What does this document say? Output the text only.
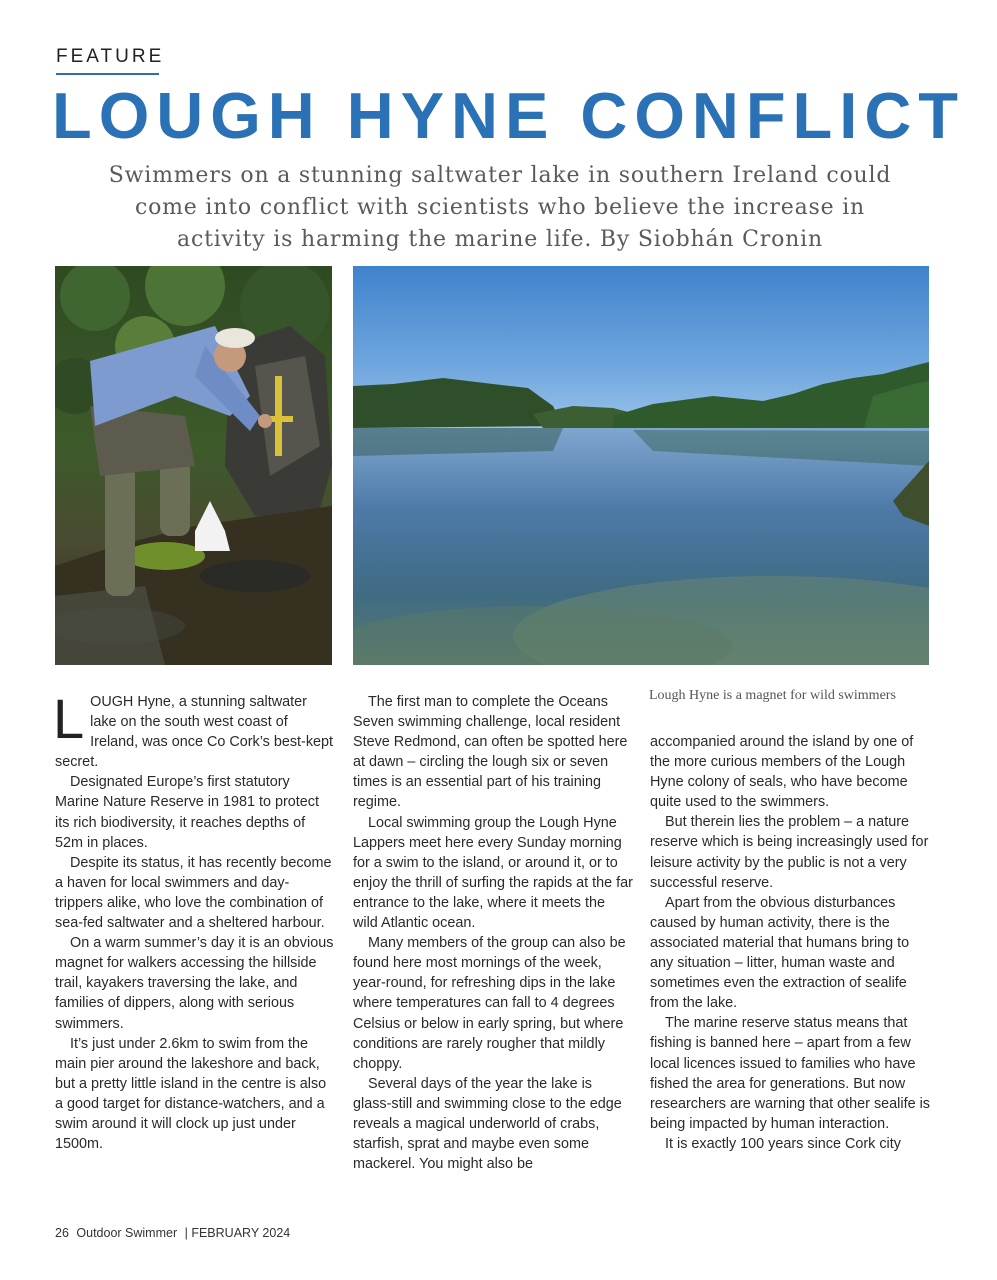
FEATURE
LOUGH HYNE CONFLICT

Swimmers on a stunning saltwater lake in southern Ireland could come into conflict with scientists who believe the increase in activity is harming the marine life. By Siobhán Cronin

Lough Hyne is a magnet for wild swimmers

LOUGH Hyne, a stunning saltwater lake on the south west coast of Ireland, was once Co Cork’s best-kept secret.

Designated Europe’s first statutory Marine Nature Reserve in 1981 to protect its rich biodiversity, it reaches depths of 52m in places.

Despite its status, it has recently become a haven for local swimmers and day-trippers alike, who love the combination of sea-fed saltwater and a sheltered harbour.

On a warm summer’s day it is an obvious magnet for walkers accessing the hillside trail, kayakers traversing the lake, and families of dippers, along with serious swimmers.

It’s just under 2.6km to swim from the main pier around the lakeshore and back, but a pretty little island in the centre is also a good target for distance-watchers, and a swim around it will clock up just under 1500m.

The first man to complete the Oceans Seven swimming challenge, local resident Steve Redmond, can often be spotted here at dawn – circling the lough six or seven times is an essential part of his training regime.

Local swimming group the Lough Hyne Lappers meet here every Sunday morning for a swim to the island, or around it, or to enjoy the thrill of surfing the rapids at the far entrance to the lake, where it meets the wild Atlantic ocean.

Many members of the group can also be found here most mornings of the week, year-round, for refreshing dips in the lake where temperatures can fall to 4 degrees Celsius or below in early spring, but where conditions are rarely rougher that mildly choppy.

Several days of the year the lake is glass-still and swimming close to the edge reveals a magical underworld of crabs, starfish, sprat and maybe even some mackerel. You might also be

accompanied around the island by one of the more curious members of the Lough Hyne colony of seals, who have become quite used to the swimmers.

But therein lies the problem – a nature reserve which is being increasingly used for leisure activity by the public is not a very successful reserve.

Apart from the obvious disturbances caused by human activity, there is the associated material that humans bring to any situation – litter, human waste and sometimes even the extraction of sealife from the lake.

The marine reserve status means that fishing is banned here – apart from a few local licences issued to families who have fished the area for generations. But now researchers are warning that other sealife is being impacted by human interaction.

It is exactly 100 years since Cork city

26 Outdoor Swimmer | FEBRUARY 2024
